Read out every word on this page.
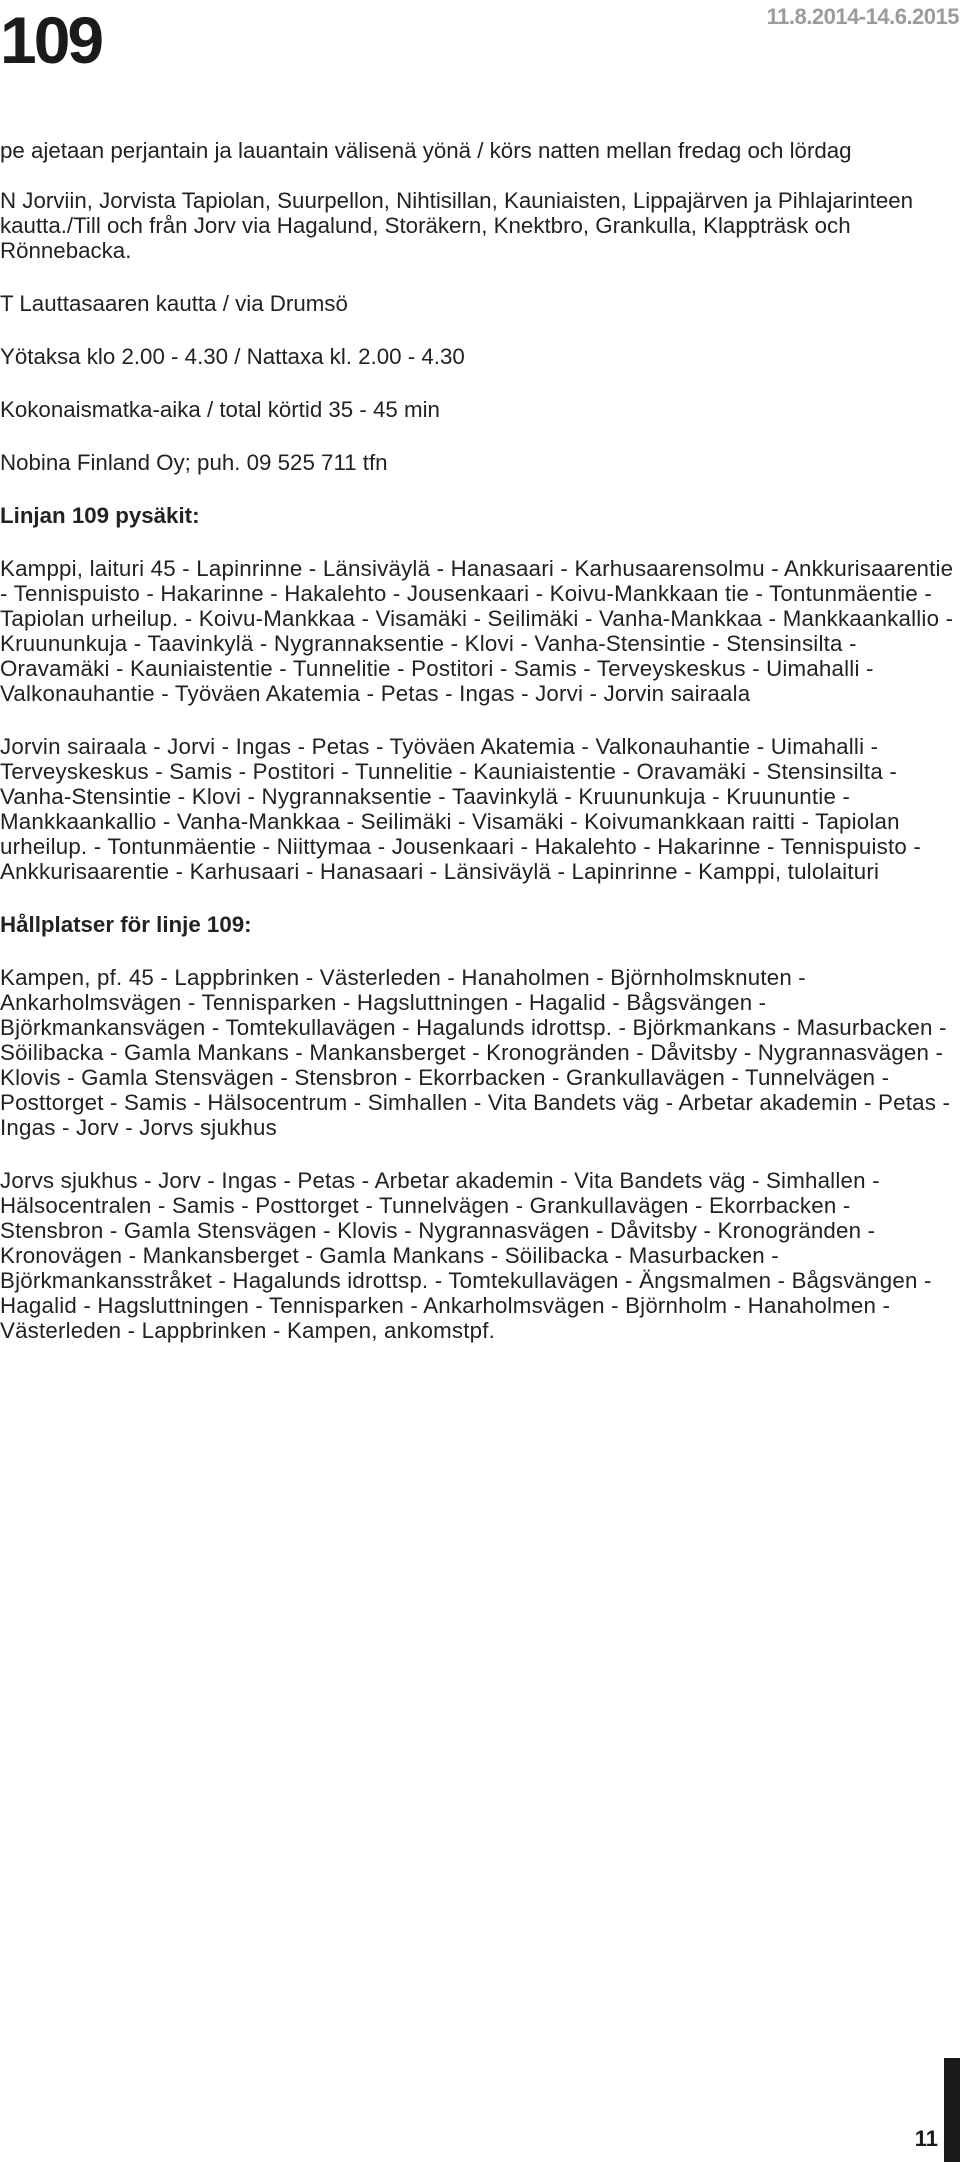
109	11.8.2014-14.6.2015

pe ajetaan perjantain ja lauantain välisenä yönä / körs natten mellan fredag och lördag

N Jorviin, Jorvista Tapiolan, Suurpellon, Nihtisillan, Kauniaisten, Lippajärven ja Pihlajarinteen kautta./Till och från Jorv via Hagalund, Storäkern, Knektbro, Grankulla, Klappträsk och Rönnebacka.

T Lauttasaaren kautta / via Drumsö

Yötaksa klo 2.00 - 4.30 / Nattaxa kl. 2.00 - 4.30

Kokonaismatka-aika / total körtid 35 - 45 min

Nobina Finland Oy; puh. 09 525 711 tfn

Linjan 109 pysäkit:

Kamppi, laituri 45 - Lapinrinne - Länsiväylä - Hanasaari - Karhusaarensolmu - Ankkurisaarentie - Tennispuisto - Hakarinne - Hakalehto - Jousenkaari - Koivu-Mankkaan tie - Tontunmäentie - Tapiolan urheilup. - Koivu-Mankkaa - Visamäki - Seilimäki - Vanha-Mankkaa - Mankkaankallio - Kruununkuja - Taavinkylä - Nygrannaksentie - Klovi - Vanha-Stensintie - Stensinsilta - Oravamäki - Kauniaistentie - Tunnelitie - Postitori - Samis - Terveyskeskus - Uimahalli - Valkonauhantie - Työväen Akatemia - Petas - Ingas - Jorvi - Jorvin sairaala

Jorvin sairaala - Jorvi - Ingas - Petas - Työväen Akatemia - Valkonauhantie - Uimahalli - Terveyskeskus - Samis - Postitori - Tunnelitie - Kauniaistentie - Oravamäki - Stensinsilta - Vanha-Stensintie - Klovi - Nygrannaksentie - Taavinkylä - Kruununkuja - Kruununtie - Mankkaankallio - Vanha-Mankkaa - Seilimäki - Visamäki - Koivumankkaan raitti - Tapiolan urheilup. - Tontunmäentie - Niittymaa - Jousenkaari - Hakalehto - Hakarinne - Tennispuisto - Ankkurisaarentie - Karhusaari - Hanasaari - Länsiväylä - Lapinrinne - Kamppi, tulolaituri

Hållplatser för linje 109:

Kampen, pf. 45 - Lappbrinken - Västerleden - Hanaholmen - Björnholmsknuten - Ankarholmsvägen - Tennisparken - Hagsluttningen - Hagalid - Bågsvängen - Björkmankansvägen - Tomtekullavägen - Hagalunds idrottsp. - Björkmankans - Masurbacken - Söilibacka - Gamla Mankans - Mankansberget - Kronogränden - Dåvitsby - Nygrannasvägen - Klovis - Gamla Stensvägen - Stensbron - Ekorrbacken - Grankullavägen - Tunnelvägen - Posttorget - Samis - Hälsocentrum - Simhallen - Vita Bandets väg - Arbetar akademin - Petas - Ingas - Jorv - Jorvs sjukhus

Jorvs sjukhus - Jorv - Ingas - Petas - Arbetar akademin - Vita Bandets väg - Simhallen - Hälsocentralen - Samis - Posttorget - Tunnelvägen - Grankullavägen - Ekorrbacken - Stensbron - Gamla Stensvägen - Klovis - Nygrannasvägen - Dåvitsby - Kronogränden - Kronovägen - Mankansberget - Gamla Mankans - Söilibacka - Masurbacken - Björkmankansstråket - Hagalunds idrottsp. - Tomtekullavägen - Ängsmalmen - Bågsvängen - Hagalid - Hagsluttningen - Tennisparken - Ankarholmsvägen - Björnholm - Hanaholmen - Västerleden - Lappbrinken - Kampen, ankomstpf.

11
